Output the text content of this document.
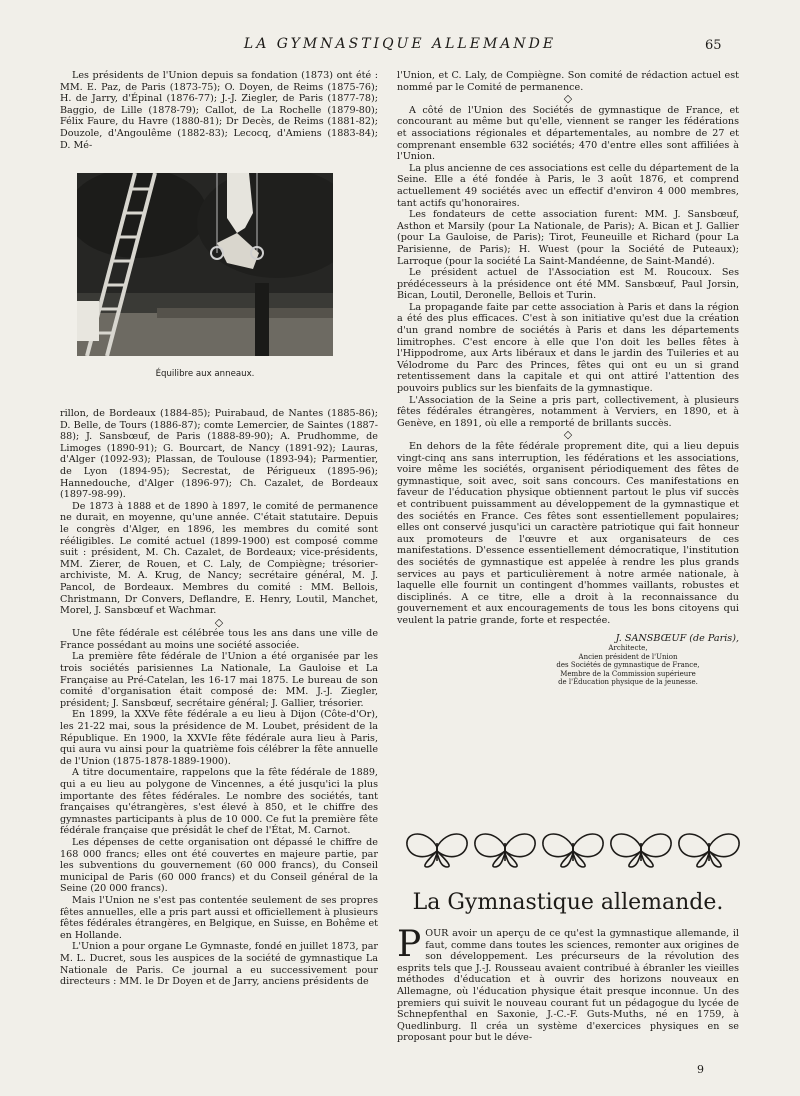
LA GYMNASTIQUE ALLEMANDE	65

Les présidents de l'Union depuis sa fondation (1873) ont été : MM. E. Paz, de Paris (1873-75); O. Doyen, de Reims (1875-76); H. de Jarry, d'Épinal (1876-77); J.-J. Ziegler, de Paris (1877-78); Baggio, de Lille (1878-79); Callot, de La Rochelle (1879-80); Félix Faure, du Havre (1880-81); Dr Decès, de Reims (1881-82); Douzole, d'Angoulême (1882-83); Lecocq, d'Amiens (1883-84); D. Mé-

Équilibre aux anneaux.

rillon, de Bordeaux (1884-85); Puirabaud, de Nantes (1885-86); D. Belle, de Tours (1886-87); comte Lemercier, de Saintes (1887-88); J. Sansbœuf, de Paris (1888-89-90); A. Prudhomme, de Limoges (1890-91); G. Bourcart, de Nancy (1891-92); Lauras, d'Alger (1092-93); Plassan, de Toulouse (1893-94); Parmentier, de Lyon (1894-95); Secrestat, de Périgueux (1895-96); Hannedouche, d'Alger (1896-97); Ch. Cazalet, de Bordeaux (1897-98-99).

De 1873 à 1888 et de 1890 à 1897, le comité de permanence ne durait, en moyenne, qu'une année. C'était statutaire. Depuis le congrès d'Alger, en 1896, les membres du comité sont rééligibles. Le comité actuel (1899-1900) est composé comme suit : président, M. Ch. Cazalet, de Bordeaux; vice-présidents, MM. Zierer, de Rouen, et C. Laly, de Compiègne; trésorier-archiviste, M. A. Krug, de Nancy; secrétaire général, M. J. Pancol, de Bordeaux. Membres du comité : MM. Bellois, Christmann, Dr Convers, Deflandre, E. Henry, Loutil, Manchet, Morel, J. Sansbœuf et Wachmar.

◇

Une fête fédérale est célébrée tous les ans dans une ville de France possédant au moins une société associée.

La première fête fédérale de l'Union a été organisée par les trois sociétés parisiennes La Nationale, La Gauloise et La Française au Pré-Catelan, les 16-17 mai 1875. Le bureau de son comité d'organisation était composé de: MM. J.-J. Ziegler, président; J. Sansbœuf, secrétaire général; J. Gallier, trésorier.

En 1899, la XXVe fête fédérale a eu lieu à Dijon (Côte-d'Or), les 21-22 mai, sous la présidence de M. Loubet, président de la République. En 1900, la XXVIe fête fédérale aura lieu à Paris, qui aura vu ainsi pour la quatrième fois célébrer la fête annuelle de l'Union (1875-1878-1889-1900).

A titre documentaire, rappelons que la fête fédérale de 1889, qui a eu lieu au polygone de Vincennes, a été jusqu'ici la plus importante des fêtes fédérales. Le nombre des sociétés, tant françaises qu'étrangères, s'est élevé à 850, et le chiffre des gymnastes participants à plus de 10 000. Ce fut la première fête fédérale française que présidât le chef de l'État, M. Carnot.

Les dépenses de cette organisation ont dépassé le chiffre de 168 000 francs; elles ont été couvertes en majeure partie, par les subventions du gouvernement (60 000 francs), du Conseil municipal de Paris (60 000 francs) et du Conseil général de la Seine (20 000 francs).

Mais l'Union ne s'est pas contentée seulement de ses propres fêtes annuelles, elle a pris part aussi et officiellement à plusieurs fêtes fédérales étrangères, en Belgique, en Suisse, en Bohême et en Hollande.

L'Union a pour organe Le Gymnaste, fondé en juillet 1873, par M. L. Ducret, sous les auspices de la société de gymnastique La Nationale de Paris. Ce journal a eu successivement pour directeurs : MM. le Dr Doyen et de Jarry, anciens présidents de

l'Union, et C. Laly, de Compiègne. Son comité de rédaction actuel est nommé par le Comité de permanence.

◇

A côté de l'Union des Sociétés de gymnastique de France, et concourant au même but qu'elle, viennent se ranger les fédérations et associations régionales et départementales, au nombre de 27 et comprenant ensemble 632 sociétés; 470 d'entre elles sont affiliées à l'Union.

La plus ancienne de ces associations est celle du département de la Seine. Elle a été fondée à Paris, le 3 août 1876, et comprend actuellement 49 sociétés avec un effectif d'environ 4 000 membres, tant actifs qu'honoraires.

Les fondateurs de cette association furent: MM. J. Sansbœuf, Asthon et Marsily (pour La Nationale, de Paris); A. Bican et J. Gallier (pour La Gauloise, de Paris); Tirot, Feuneuille et Richard (pour La Parisienne, de Paris); H. Wuest (pour la Société de Puteaux); Larroque (pour la société La Saint-Mandéenne, de Saint-Mandé).

Le président actuel de l'Association est M. Roucoux. Ses prédécesseurs à la présidence ont été MM. Sansbœuf, Paul Jorsin, Bican, Loutil, Deronelle, Bellois et Turin.

La propagande faite par cette association à Paris et dans la région a été des plus efficaces. C'est à son initiative qu'est due la création d'un grand nombre de sociétés à Paris et dans les départements limitrophes. C'est encore à elle que l'on doit les belles fêtes à l'Hippodrome, aux Arts libéraux et dans le jardin des Tuileries et au Vélodrome du Parc des Princes, fêtes qui ont eu un si grand retentissement dans la capitale et qui ont attiré l'attention des pouvoirs publics sur les bienfaits de la gymnastique.

L'Association de la Seine a pris part, collectivement, à plusieurs fêtes fédérales étrangères, notamment à Verviers, en 1890, et à Genève, en 1891, où elle a remporté de brillants succès.

◇

En dehors de la fête fédérale proprement dite, qui a lieu depuis vingt-cinq ans sans interruption, les fédérations et les associations, voire même les sociétés, organisent périodiquement des fêtes de gymnastique, soit avec, soit sans concours. Ces manifestations en faveur de l'éducation physique obtiennent partout le plus vif succès et contribuent puissamment au développement de la gymnastique et des sociétés en France. Ces fêtes sont essentiellement populaires; elles ont conservé jusqu'ici un caractère patriotique qui fait honneur aux promoteurs de l'œuvre et aux organisateurs de ces manifestations. D'essence essentiellement démocratique, l'institution des sociétés de gymnastique est appelée à rendre les plus grands services au pays et particulièrement à notre armée nationale, à laquelle elle fournit un contingent d'hommes vaillants, robustes et disciplinés. A ce titre, elle a droit à la reconnaissance du gouvernement et aux encouragements de tous les bons citoyens qui veulent la patrie grande, forte et respectée.

J. SANSBŒUF (de Paris),
Architecte,
Ancien président de l'Union
des Sociétés de gymnastique de France,
Membre de la Commission supérieure
de l'Éducation physique de la jeunesse.
La Gymnastique allemande.

POUR avoir un aperçu de ce qu'est la gymnastique allemande, il faut, comme dans toutes les sciences, remonter aux origines de son développement. Les précurseurs de la révolution des esprits tels que J.-J. Rousseau avaient contribué à ébranler les vieilles méthodes d'éducation et à ouvrir des horizons nouveaux en Allemagne, où l'éducation physique était presque inconnue. Un des premiers qui suivit le nouveau courant fut un pédagogue du lycée de Schnepfenthal en Saxonie, J.-C.-F. Guts-Muths, né en 1759, à Quedlinburg. Il créa un système d'exercices physiques en se proposant pour but le déve-

9
